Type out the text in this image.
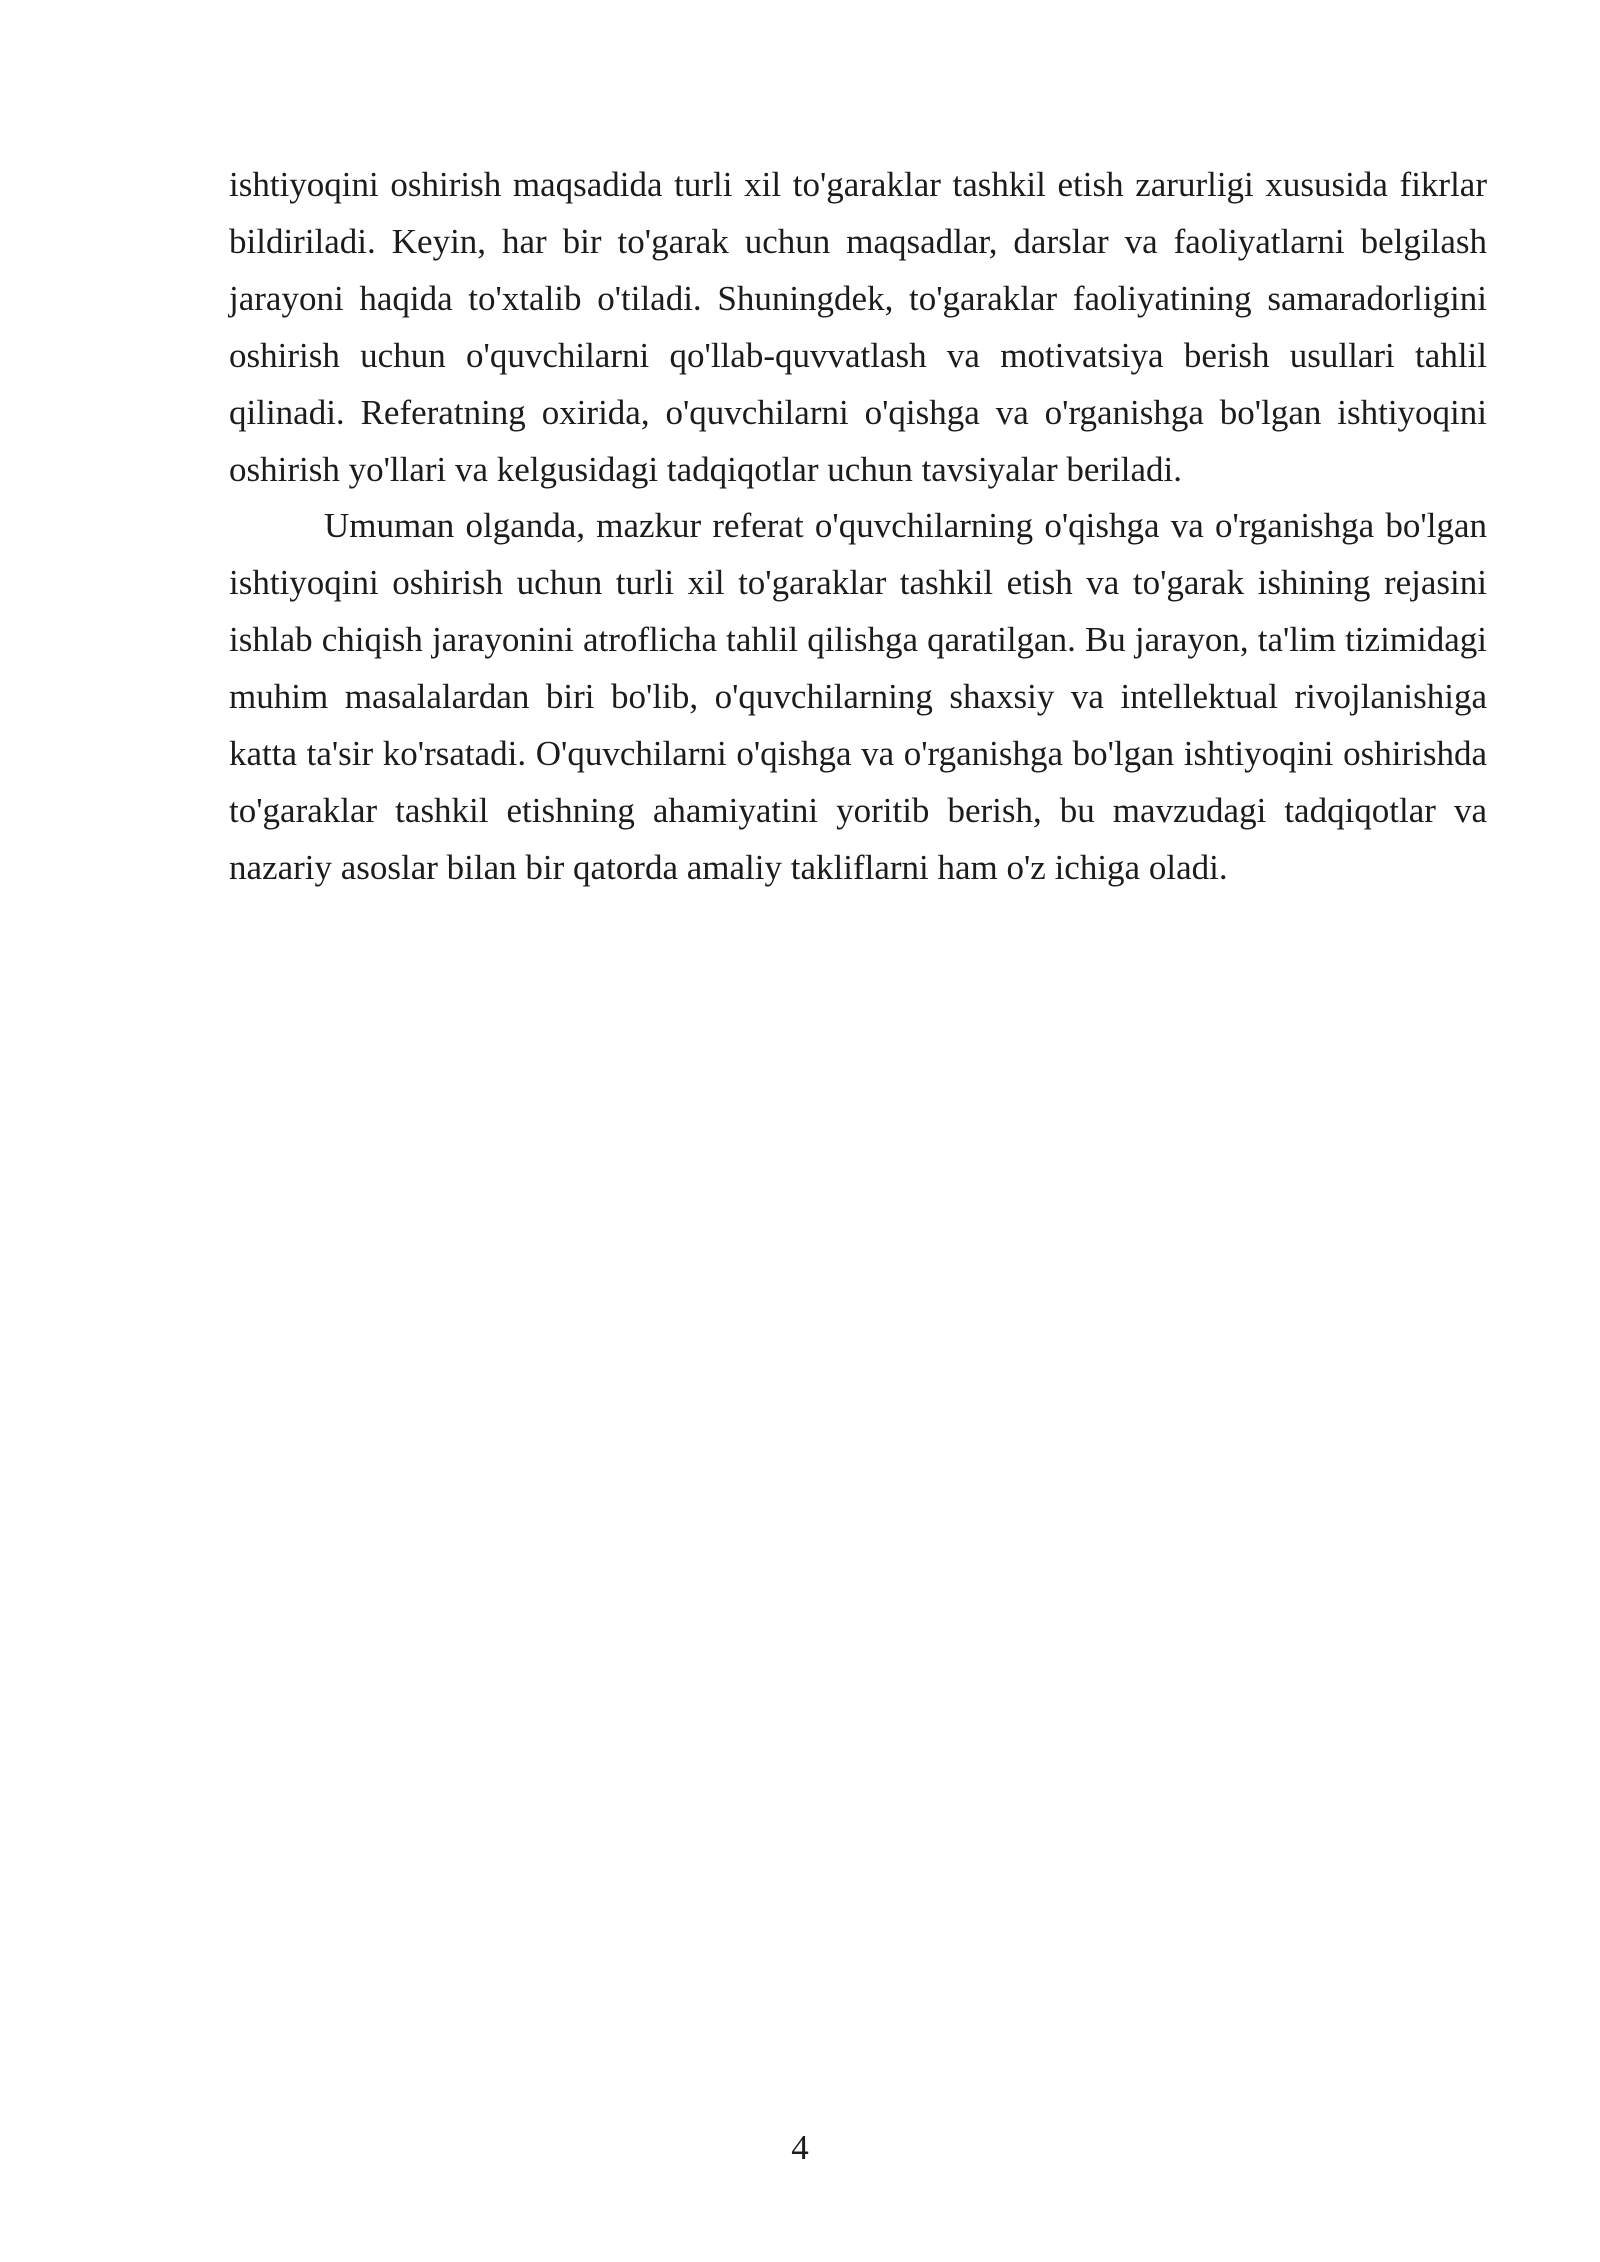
ishtiyoqini oshirish maqsadida turli xil to'garaklar tashkil etish zarurligi xususida fikrlar bildiriladi. Keyin, har bir to'garak uchun maqsadlar, darslar va faoliyatlarni belgilash jarayoni haqida to'xtalib o'tiladi. Shuningdek, to'garaklar faoliyatining samaradorligini oshirish uchun o'quvchilarni qo'llab-quvvatlash va motivatsiya berish usullari tahlil qilinadi. Referatning oxirida, o'quvchilarni o'qishga va o'rganishga bo'lgan ishtiyoqini oshirish yo'llari va kelgusidagi tadqiqotlar uchun tavsiyalar beriladi.

Umuman olganda, mazkur referat o'quvchilarning o'qishga va o'rganishga bo'lgan ishtiyoqini oshirish uchun turli xil to'garaklar tashkil etish va to'garak ishining rejasini ishlab chiqish jarayonini atroflicha tahlil qilishga qaratilgan. Bu jarayon, ta'lim tizimidagi muhim masalalardan biri bo'lib, o'quvchilarning shaxsiy va intellektual rivojlanishiga katta ta'sir ko'rsatadi. O'quvchilarni o'qishga va o'rganishga bo'lgan ishtiyoqini oshirishda to'garaklar tashkil etishning ahamiyatini yoritib berish, bu mavzudagi tadqiqotlar va nazariy asoslar bilan bir qatorda amaliy takliflarni ham o'z ichiga oladi.

4
